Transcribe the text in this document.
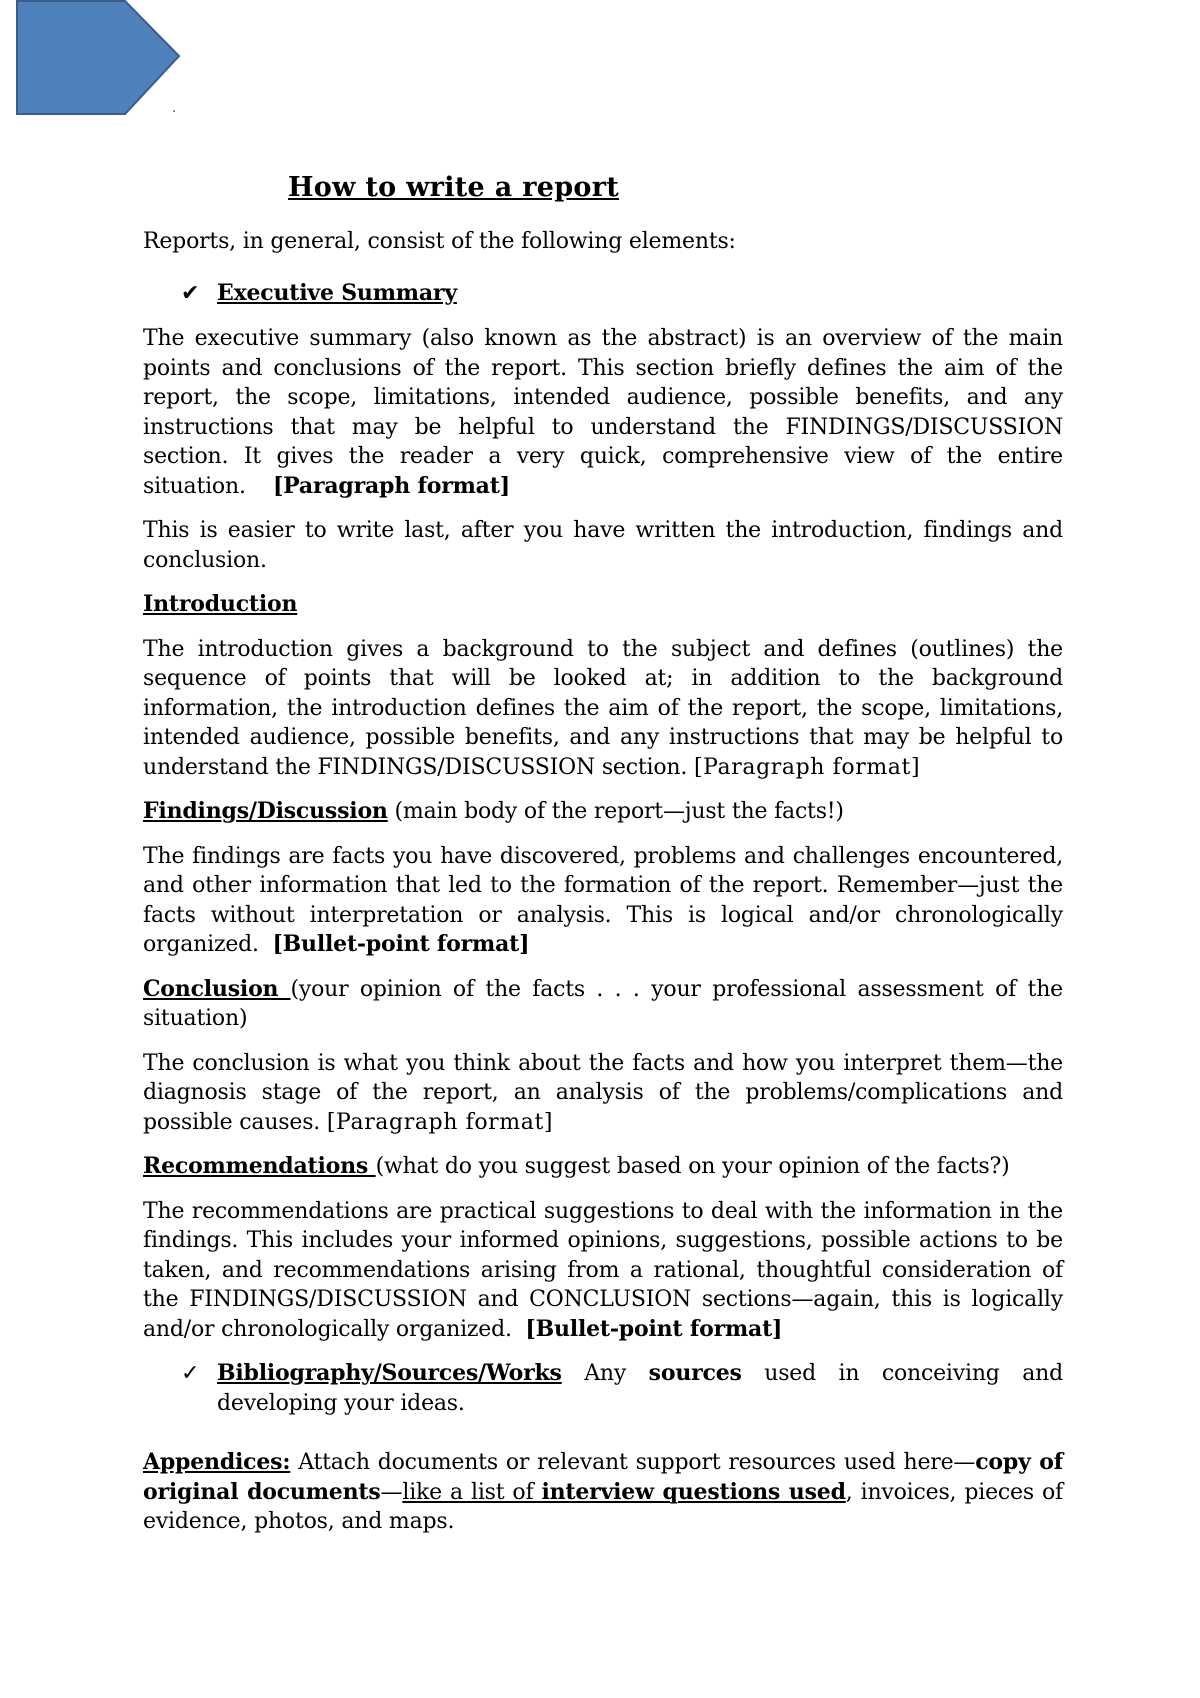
How to write a report

Reports, in general, consist of the following elements:

✔ Executive Summary

The executive summary (also known as the abstract) is an overview of the main points and conclusions of the report. This section briefly defines the aim of the report, the scope, limitations, intended audience, possible benefits, and any instructions that may be helpful to understand the FINDINGS/DISCUSSION section. It gives the reader a very quick, comprehensive view of the entire situation. [Paragraph format]

This is easier to write last, after you have written the introduction, findings and conclusion.

Introduction

The introduction gives a background to the subject and defines (outlines) the sequence of points that will be looked at; in addition to the background information, the introduction defines the aim of the report, the scope, limitations, intended audience, possible benefits, and any instructions that may be helpful to understand the FINDINGS/DISCUSSION section. [Paragraph format]

Findings/Discussion (main body of the report—just the facts!)

The findings are facts you have discovered, problems and challenges encountered, and other information that led to the formation of the report. Remember—just the facts without interpretation or analysis. This is logical and/or chronologically organized. [Bullet-point format]

Conclusion (your opinion of the facts . . . your professional assessment of the situation)

The conclusion is what you think about the facts and how you interpret them—the diagnosis stage of the report, an analysis of the problems/complications and possible causes. [Paragraph format]

Recommendations (what do you suggest based on your opinion of the facts?)

The recommendations are practical suggestions to deal with the information in the findings. This includes your informed opinions, suggestions, possible actions to be taken, and recommendations arising from a rational, thoughtful consideration of the FINDINGS/DISCUSSION and CONCLUSION sections—again, this is logically and/or chronologically organized. [Bullet-point format]

✓ Bibliography/Sources/Works Any sources used in conceiving and developing your ideas.

Appendices: Attach documents or relevant support resources used here—copy of original documents—like a list of interview questions used, invoices, pieces of evidence, photos, and maps.
